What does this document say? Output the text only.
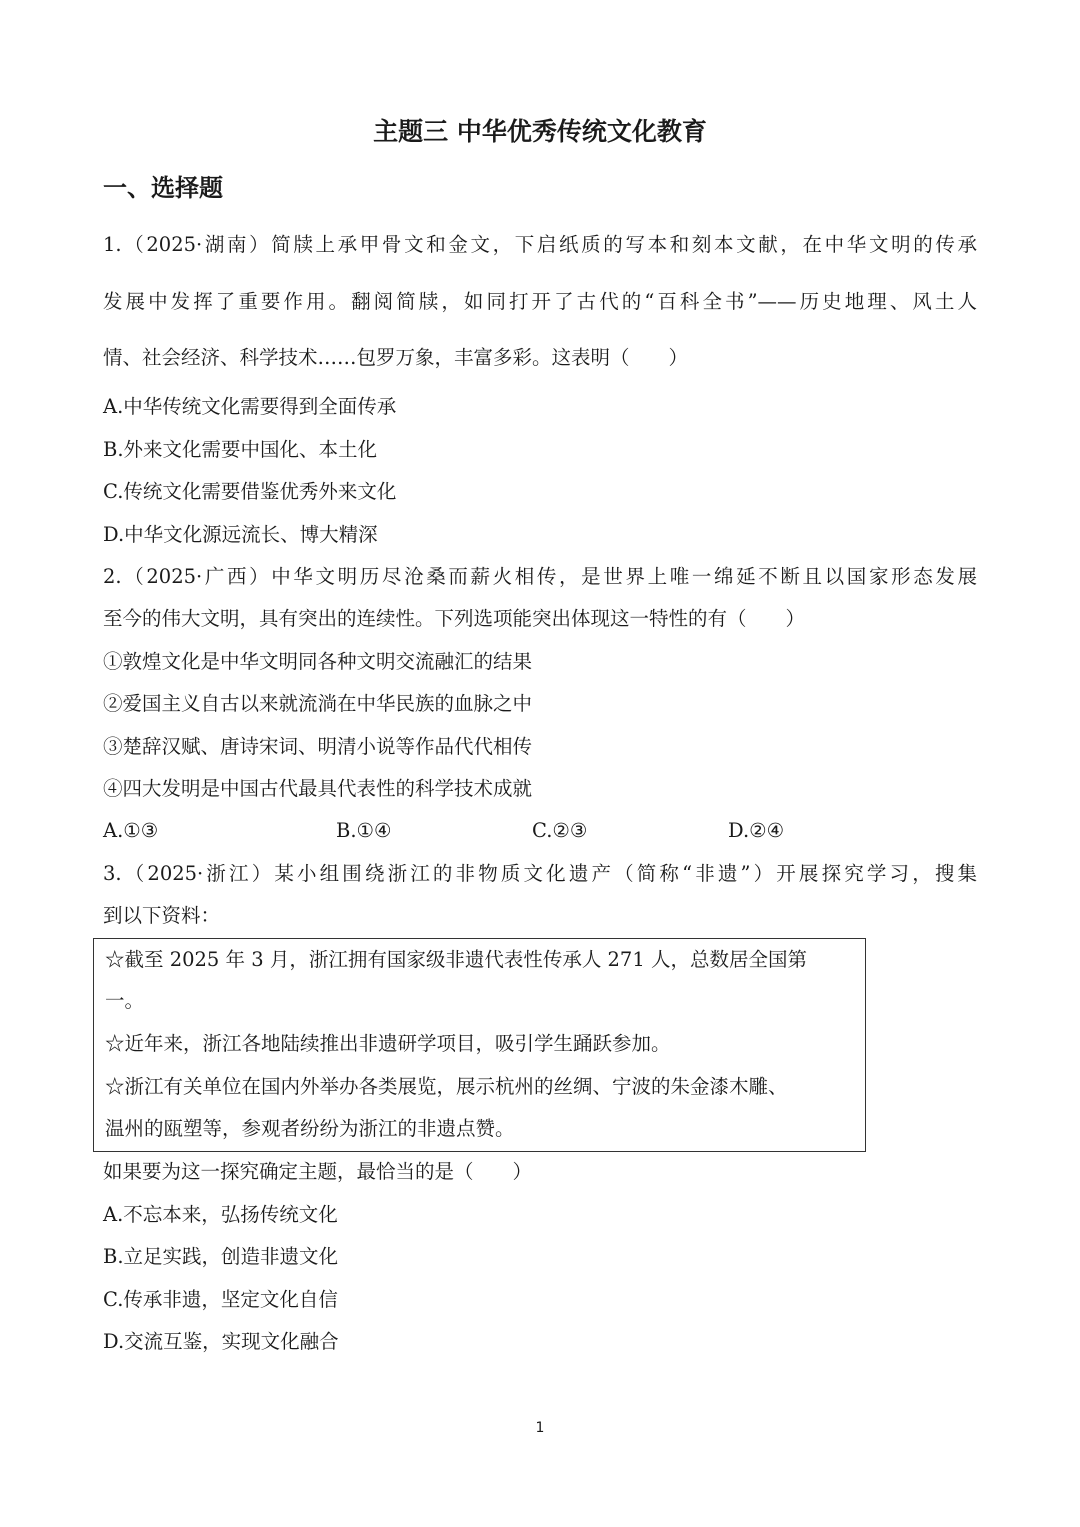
主题三 中华优秀传统文化教育
一、选择题
1.（2025·湖南）简牍上承甲骨文和金文，下启纸质的写本和刻本文献，在中华文明的传承
发展中发挥了重要作用。翻阅简牍，如同打开了古代的“百科全书”——历史地理、风土人
情、社会经济、科学技术……包罗万象，丰富多彩。这表明（　　）
A.中华传统文化需要得到全面传承
B.外来文化需要中国化、本土化
C.传统文化需要借鉴优秀外来文化
D.中华文化源远流长、博大精深
2.（2025·广西）中华文明历尽沧桑而薪火相传，是世界上唯一绵延不断且以国家形态发展
至今的伟大文明，具有突出的连续性。下列选项能突出体现这一特性的有（　　）
①敦煌文化是中华文明同各种文明交流融汇的结果
②爱国主义自古以来就流淌在中华民族的血脉之中
③楚辞汉赋、唐诗宋词、明清小说等作品代代相传
④四大发明是中国古代最具代表性的科学技术成就
A.①③	B.①④	C.②③	D.②④
3.（2025·浙江）某小组围绕浙江的非物质文化遗产（简称“非遗”）开展探究学习，搜集
到以下资料：
☆截至 2025 年 3 月，浙江拥有国家级非遗代表性传承人 271 人，总数居全国第
一。
☆近年来，浙江各地陆续推出非遗研学项目，吸引学生踊跃参加。
☆浙江有关单位在国内外举办各类展览，展示杭州的丝绸、宁波的朱金漆木雕、
温州的瓯塑等，参观者纷纷为浙江的非遗点赞。
如果要为这一探究确定主题，最恰当的是（　　）
A.不忘本来，弘扬传统文化
B.立足实践，创造非遗文化
C.传承非遗，坚定文化自信
D.交流互鉴，实现文化融合
1
